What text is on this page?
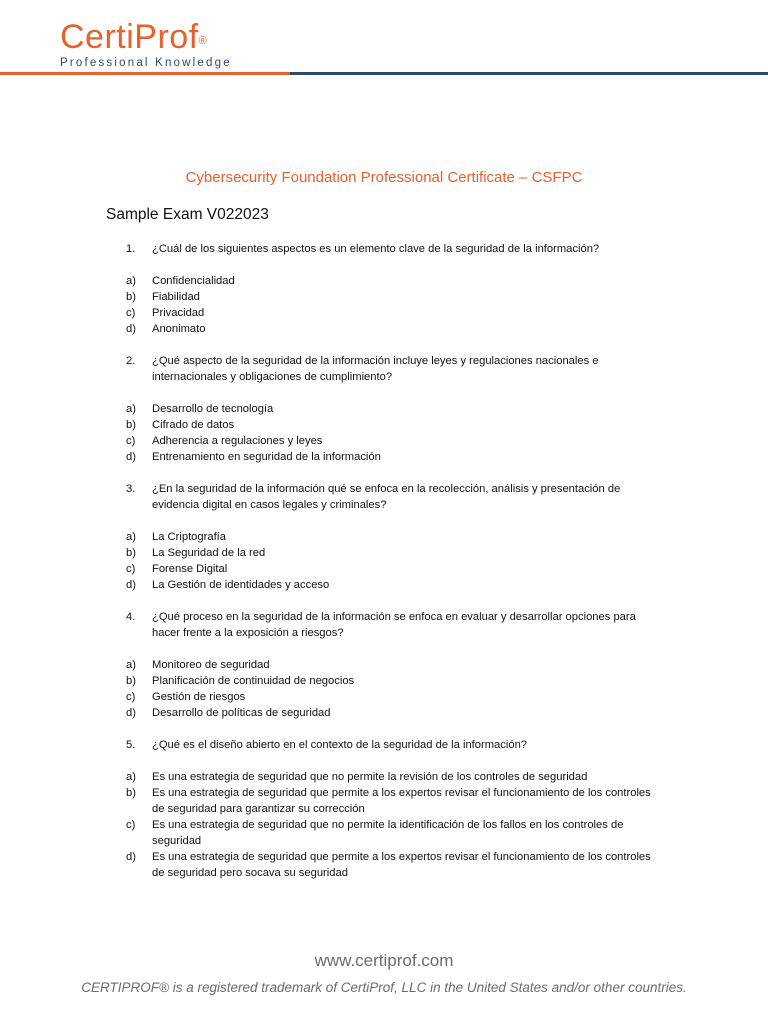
CertiProf®
Professional Knowledge
Cybersecurity Foundation Professional Certificate – CSFPC
Sample Exam V022023
1. ¿Cuál de los siguientes aspectos es un elemento clave de la seguridad de la información?
a) Confidencialidad
b) Fiabilidad
c) Privacidad
d) Anonimato
2. ¿Qué aspecto de la seguridad de la información incluye leyes y regulaciones nacionales e internacionales y obligaciones de cumplimiento?
a) Desarrollo de tecnología
b) Cifrado de datos
c) Adherencia a regulaciones y leyes
d) Entrenamiento en seguridad de la información
3. ¿En la seguridad de la información qué se enfoca en la recolección, análisis y presentación de evidencia digital en casos legales y criminales?
a) La Criptografía
b) La Seguridad de la red
c) Forense Digital
d) La Gestión de identidades y acceso
4. ¿Qué proceso en la seguridad de la información se enfoca en evaluar y desarrollar opciones para hacer frente a la exposición a riesgos?
a) Monitoreo de seguridad
b) Planificación de continuidad de negocios
c) Gestión de riesgos
d) Desarrollo de políticas de seguridad
5. ¿Qué es el diseño abierto en el contexto de la seguridad de la información?
a) Es una estrategia de seguridad que no permite la revisión de los controles de seguridad
b) Es una estrategia de seguridad que permite a los expertos revisar el funcionamiento de los controles de seguridad para garantizar su corrección
c) Es una estrategia de seguridad que no permite la identificación de los fallos en los controles de seguridad
d) Es una estrategia de seguridad que permite a los expertos revisar el funcionamiento de los controles de seguridad pero socava su seguridad
www.certiprof.com
CERTIPROF® is a registered trademark of CertiProf, LLC in the United States and/or other countries.
